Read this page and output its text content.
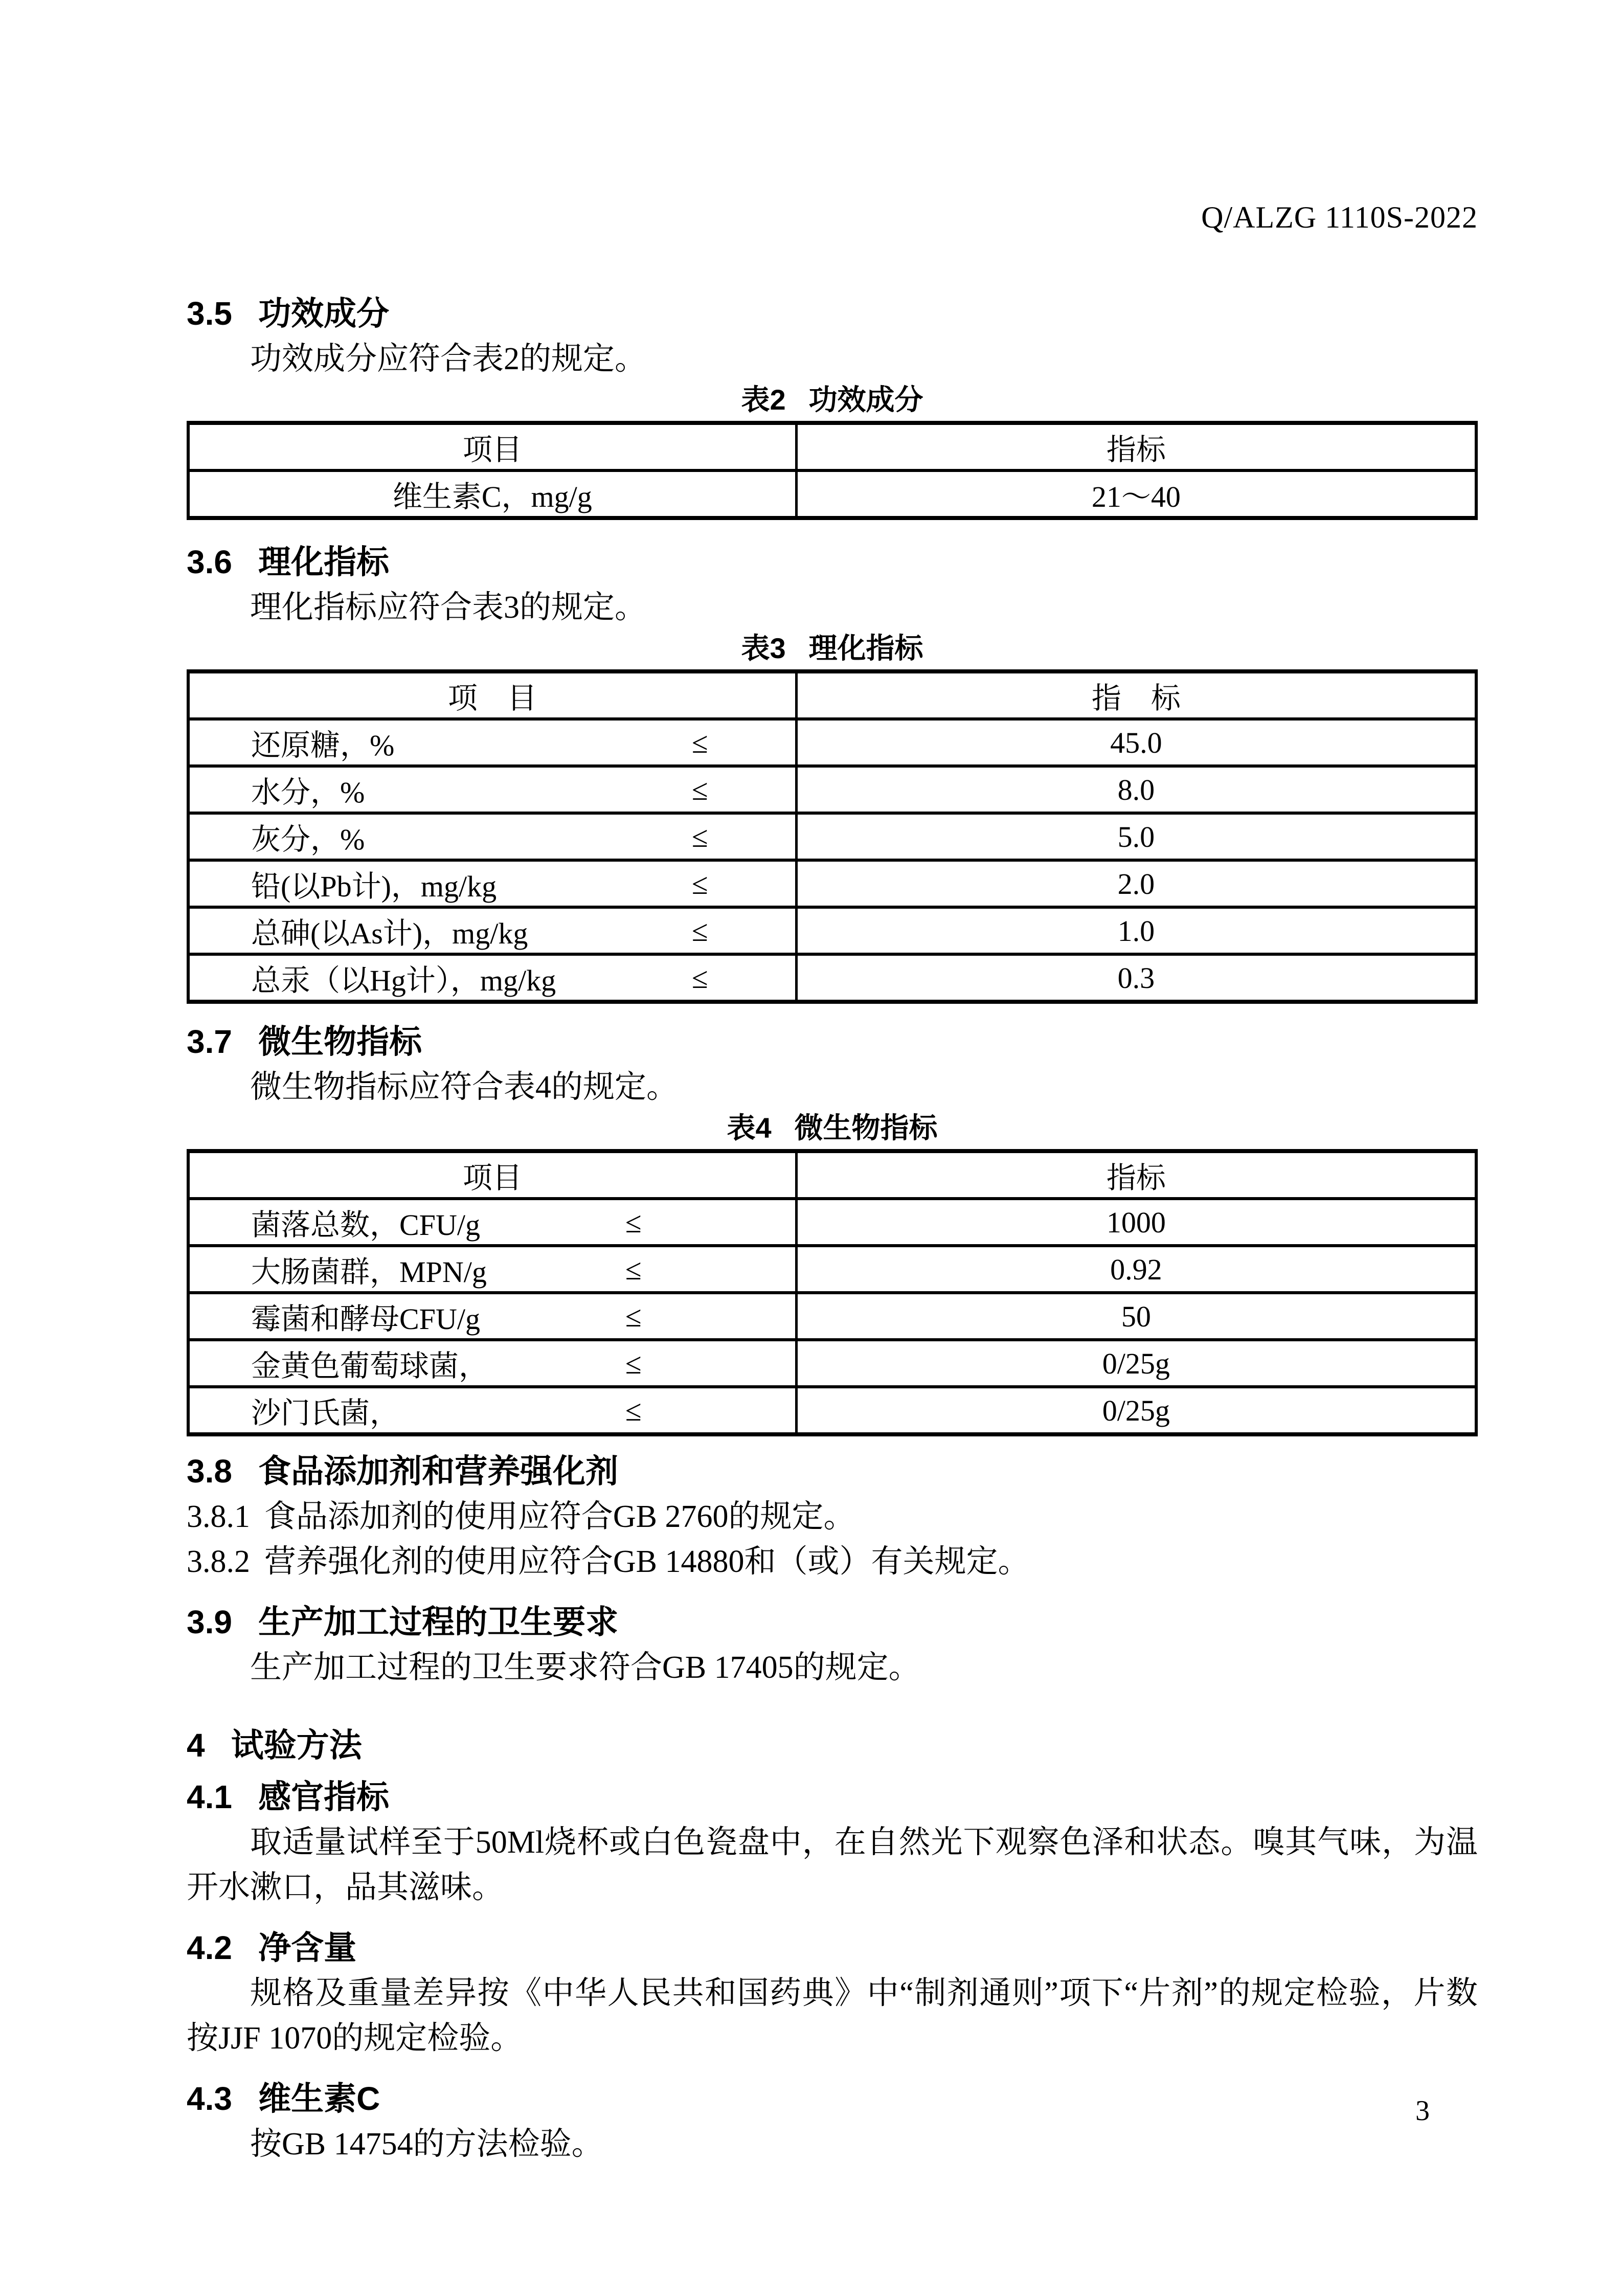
Q/ALZG 1110S-2022
3.5 功效成分

功效成分应符合表2的规定。

表2 功效成分
项目	指标
维生素C，mg/g	21～40
3.6 理化指标

理化指标应符合表3的规定。

表3 理化指标
项　目	指　标
还原糖，%	≤	45.0
水分，%	≤	8.0
灰分，%	≤	5.0
铅(以Pb计)，mg/kg	≤	2.0
总砷(以As计)，mg/kg	≤	1.0
总汞（以Hg计），mg/kg	≤	0.3
3.7 微生物指标

微生物指标应符合表4的规定。

表4 微生物指标
项目	指标
菌落总数，CFU/g	≤	1000
大肠菌群，MPN/g	≤	0.92
霉菌和酵母CFU/g	≤	50
金黄色葡萄球菌，	≤	0/25g
沙门氏菌，	≤	0/25g
3.8 食品添加剂和营养强化剂

3.8.1 食品添加剂的使用应符合GB 2760的规定。

3.8.2 营养强化剂的使用应符合GB 14880和（或）有关规定。

3.9 生产加工过程的卫生要求

生产加工过程的卫生要求符合GB 17405的规定。

4 试验方法
4.1 感官指标

取适量试样至于50Ml烧杯或白色瓷盘中，在自然光下观察色泽和状态。嗅其气味，为温开水漱口，品其滋味。

4.2 净含量

规格及重量差异按《中华人民共和国药典》中“制剂通则”项下“片剂”的规定检验，片数按JJF 1070的规定检验。

4.3 维生素C

按GB 14754的方法检验。

3
